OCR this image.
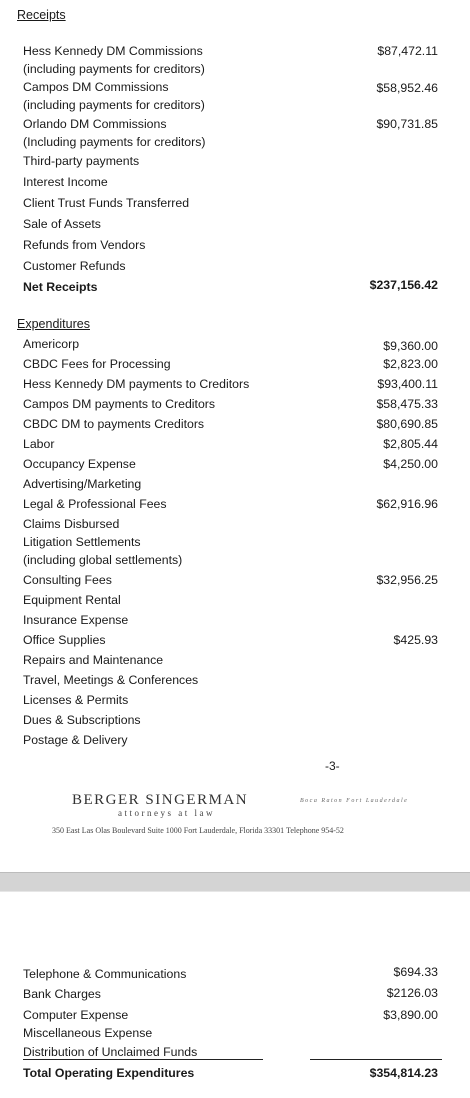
Receipts
Hess Kennedy DM Commissions	$87,472.11
(including payments for creditors)
Campos DM Commissions	$58,952.46
(including payments for creditors)
Orlando DM Commissions	$90,731.85
(Including payments for creditors)
Third-party payments
Interest Income
Client Trust Funds Transferred
Sale of Assets
Refunds from Vendors
Customer Refunds
Net Receipts	$237,156.42
Expenditures
Americorp	$9,360.00
CBDC Fees for Processing	$2,823.00
Hess Kennedy DM payments to Creditors	$93,400.11
Campos DM payments to Creditors	$58,475.33
CBDC DM to payments Creditors	$80,690.85
Labor	$2,805.44
Occupancy Expense	$4,250.00
Advertising/Marketing
Legal & Professional Fees	$62,916.96
Claims Disbursed
Litigation Settlements
(including global settlements)
Consulting Fees	$32,956.25
Equipment Rental
Insurance Expense
Office Supplies	$425.93
Repairs and Maintenance
Travel, Meetings & Conferences
Licenses & Permits
Dues & Subscriptions
Postage & Delivery
-3-
BERGER SINGERMAN
attorneys at law
Boca Raton Fort Lauderdale
350 East Las Olas Boulevard Suite 1000 Fort Lauderdale, Florida 33301 Telephone 954-52
Telephone & Communications	$694.33
Bank Charges	$2126.03
Computer Expense	$3,890.00
Miscellaneous Expense
Distribution of Unclaimed Funds
Total Operating Expenditures	$354,814.23
